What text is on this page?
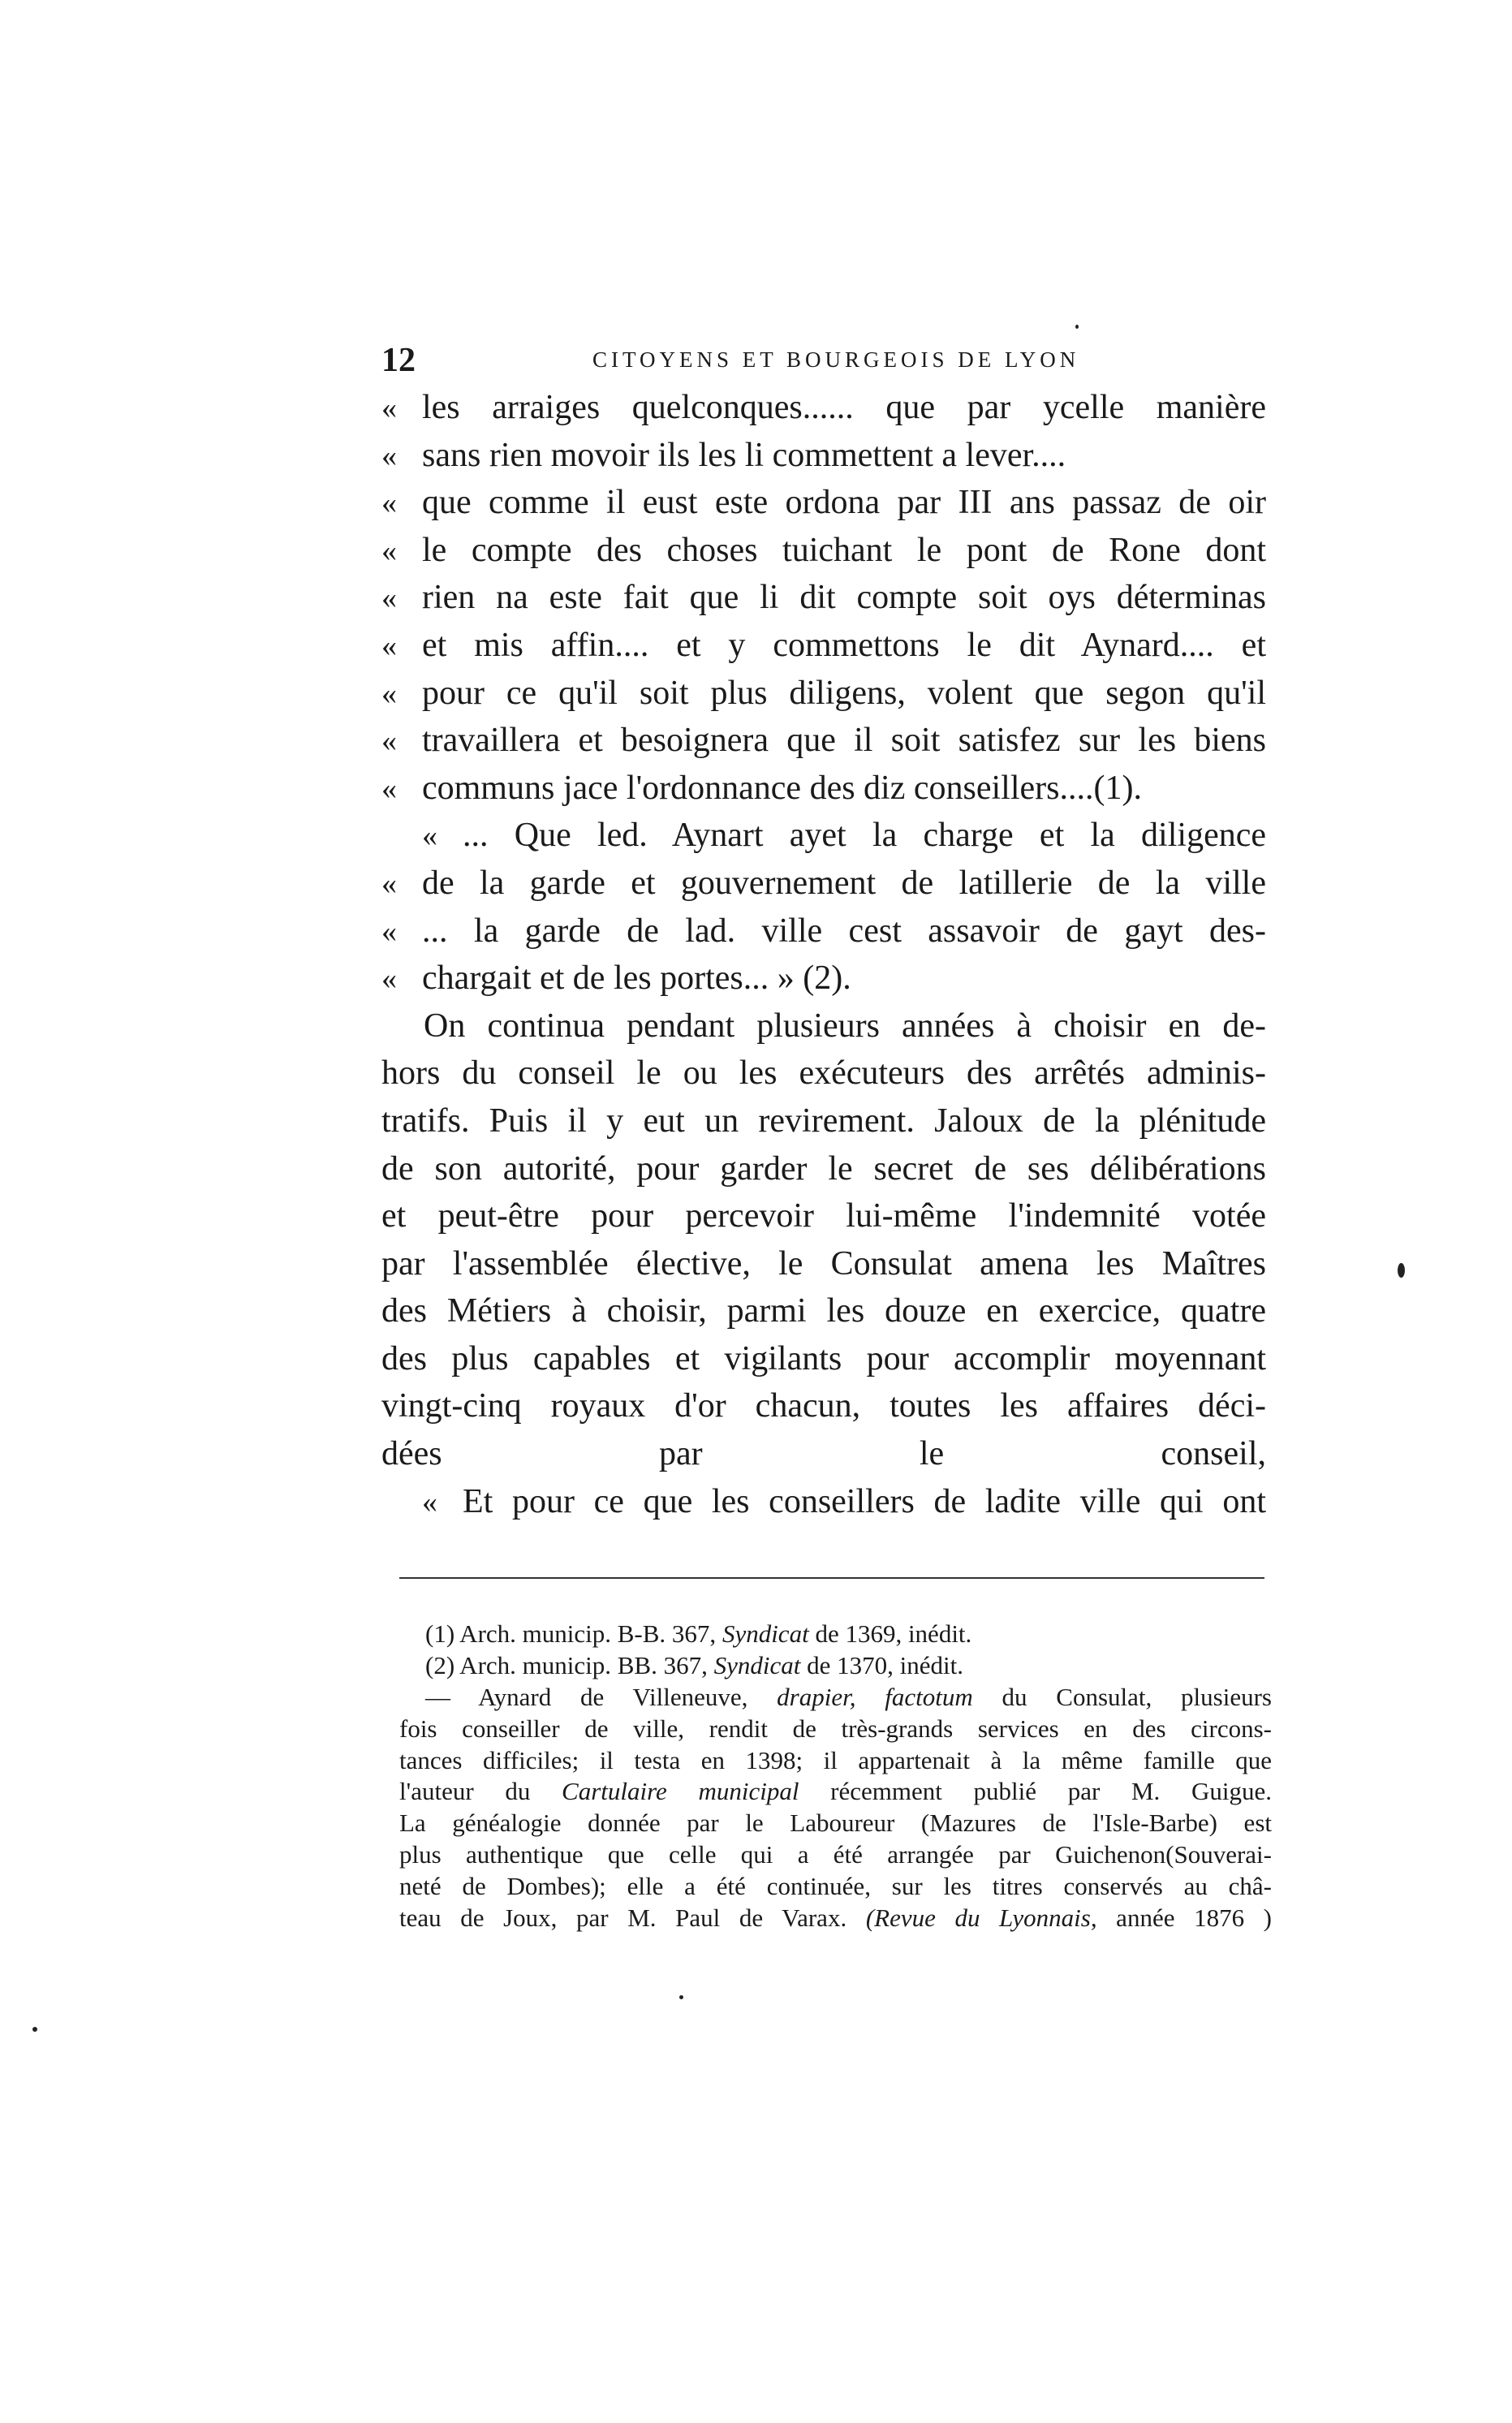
12	CITOYENS ET BOURGEOIS DE LYON
« les arraiges quelconques...... que par ycelle manière
« sans rien movoir ils les li commettent a lever....
« que comme il eust este ordona par III ans passaz de oir
« le compte des choses tuichant le pont de Rone dont
« rien na este fait que li dit compte soit oys déterminas
« et mis affin.... et y commettons le dit Aynard.... et
« pour ce qu'il soit plus diligens, volent que segon qu'il
« travaillera et besoignera que il soit satisfez sur les biens
« communs jace l'ordonnance des diz conseillers....(1).
« ... Que led. Aynart ayet la charge et la diligence
« de la garde et gouvernement de latillerie de la ville
« ... la garde de lad. ville cest assavoir de gayt des-
« chargait et de les portes... » (2).
On continua pendant plusieurs années à choisir en de-
hors du conseil le ou les exécuteurs des arrêtés adminis-
tratifs. Puis il y eut un revirement. Jaloux de la plénitude
de son autorité, pour garder le secret de ses délibérations
et peut-être pour percevoir lui-même l'indemnité votée
par l'assemblée élective, le Consulat amena les Maîtres
des Métiers à choisir, parmi les douze en exercice, quatre
des plus capables et vigilants pour accomplir moyennant
vingt-cinq royaux d'or chacun, toutes les affaires déci-
dées par le conseil,
« Et pour ce que les conseillers de ladite ville qui ont
(1) Arch. municip. B-B. 367, Syndicat de 1369, inédit.
(2) Arch. municip. BB. 367, Syndicat de 1370, inédit.
— Aynard de Villeneuve, drapier, factotum du Consulat, plusieurs
fois conseiller de ville, rendit de très-grands services en des circons-
tances difficiles; il testa en 1398; il appartenait à la même famille que
l'auteur du Cartulaire municipal récemment publié par M. Guigue.
La généalogie donnée par le Laboureur (Mazures de l'Isle-Barbe) est
plus authentique que celle qui a été arrangée par Guichenon(Souverai-
neté de Dombes); elle a été continuée, sur les titres conservés au châ-
teau de Joux, par M. Paul de Varax. (Revue du Lyonnais, année 1876 )
